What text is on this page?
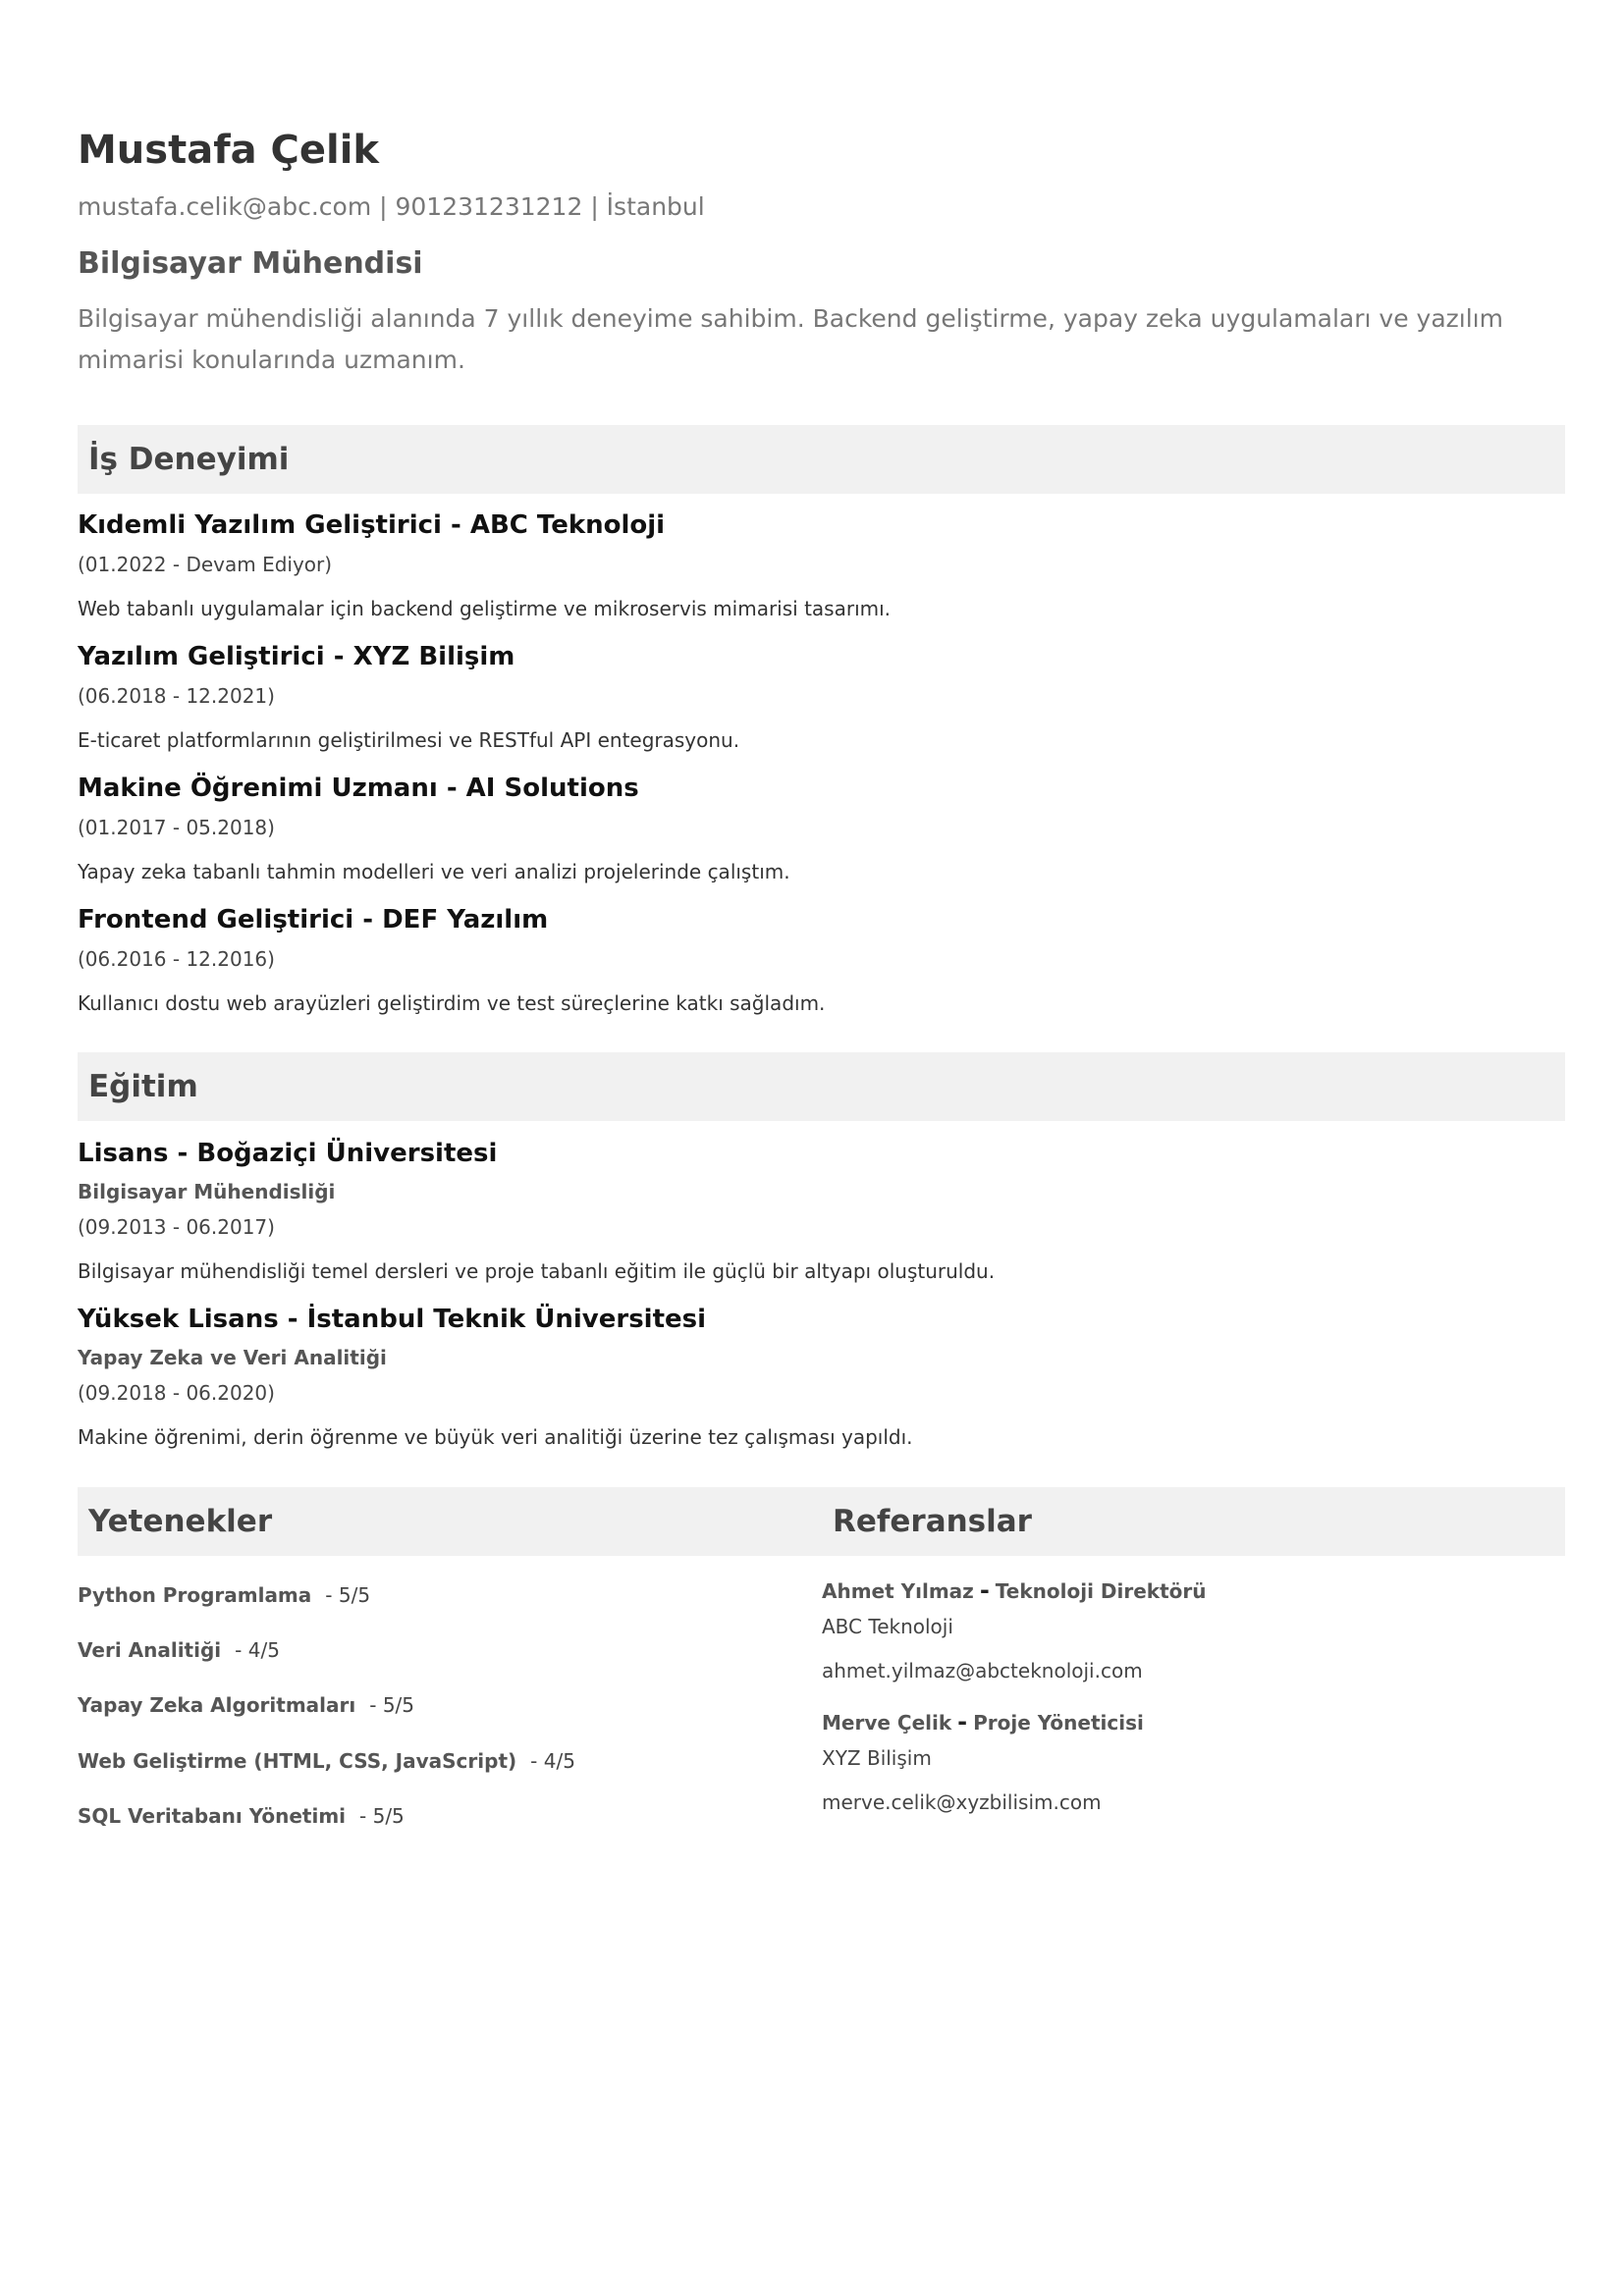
Mustafa Çelik
mustafa.celik@abc.com | 901231231212 | İstanbul
Bilgisayar Mühendisi
Bilgisayar mühendisliği alanında 7 yıllık deneyime sahibim. Backend geliştirme, yapay zeka uygulamaları ve yazılım mimarisi konularında uzmanım.
İş Deneyimi
Kıdemli Yazılım Geliştirici - ABC Teknoloji
(01.2022 - Devam Ediyor)
Web tabanlı uygulamalar için backend geliştirme ve mikroservis mimarisi tasarımı.
Yazılım Geliştirici - XYZ Bilişim
(06.2018 - 12.2021)
E-ticaret platformlarının geliştirilmesi ve RESTful API entegrasyonu.
Makine Öğrenimi Uzmanı - AI Solutions
(01.2017 - 05.2018)
Yapay zeka tabanlı tahmin modelleri ve veri analizi projelerinde çalıştım.
Frontend Geliştirici - DEF Yazılım
(06.2016 - 12.2016)
Kullanıcı dostu web arayüzleri geliştirdim ve test süreçlerine katkı sağladım.
Eğitim
Lisans - Boğaziçi Üniversitesi
Bilgisayar Mühendisliği
(09.2013 - 06.2017)
Bilgisayar mühendisliği temel dersleri ve proje tabanlı eğitim ile güçlü bir altyapı oluşturuldu.
Yüksek Lisans - İstanbul Teknik Üniversitesi
Yapay Zeka ve Veri Analitiği
(09.2018 - 06.2020)
Makine öğrenimi, derin öğrenme ve büyük veri analitiği üzerine tez çalışması yapıldı.
Yetenekler	Referanslar
Python Programlama - 5/5
Veri Analitiği - 4/5
Yapay Zeka Algoritmaları - 5/5
Web Geliştirme (HTML, CSS, JavaScript) - 4/5
SQL Veritabanı Yönetimi - 5/5
Ahmet Yılmaz - Teknoloji Direktörü
ABC Teknoloji
ahmet.yilmaz@abcteknoloji.com
Merve Çelik - Proje Yöneticisi
XYZ Bilişim
merve.celik@xyzbilisim.com
